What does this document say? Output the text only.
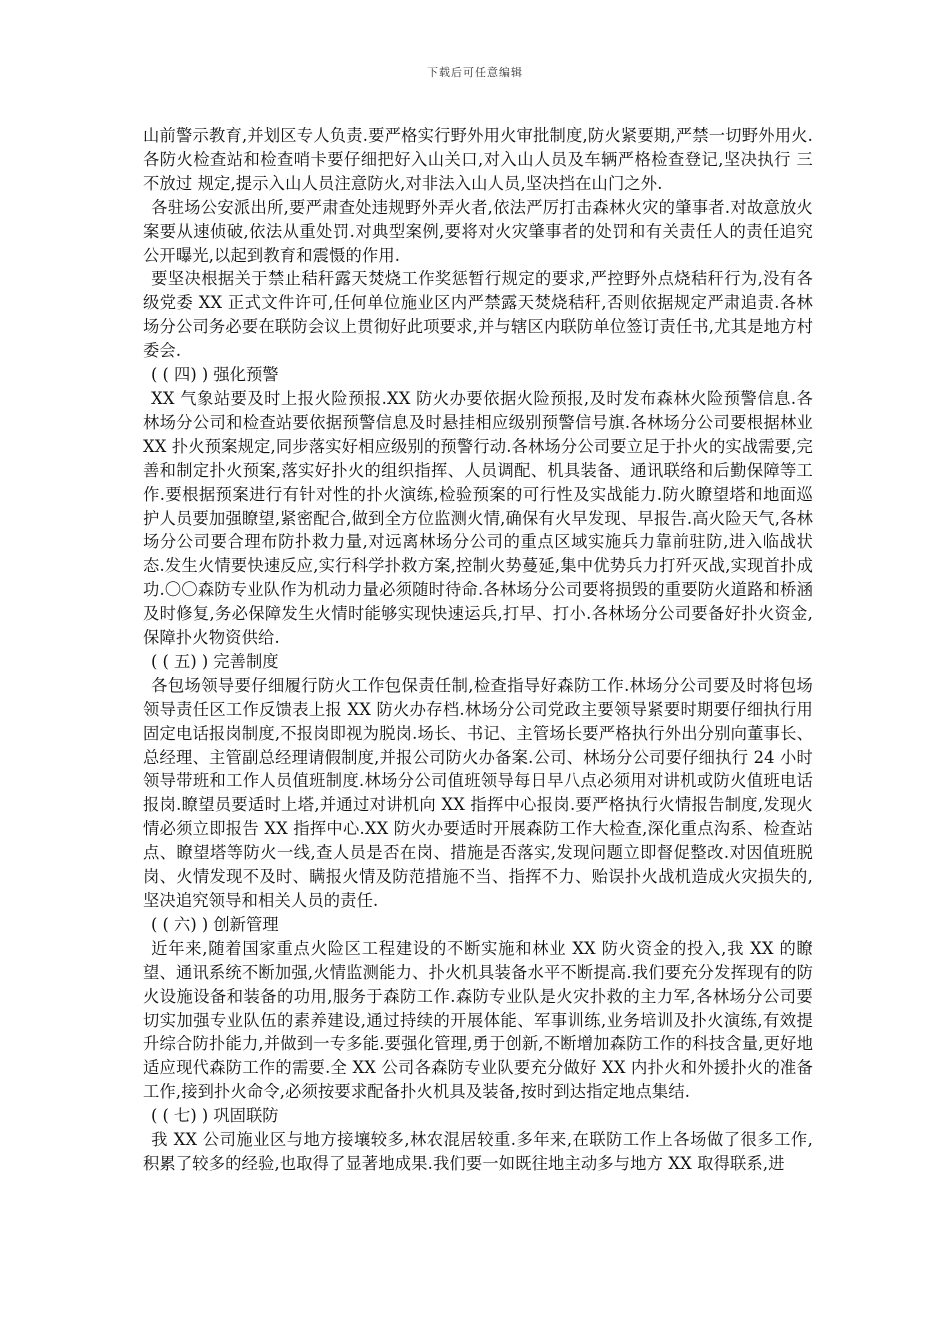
下载后可任意编辑

山前警示教育,并划区专人负责.要严格实行野外用火审批制度,防火紧要期,严禁一切野外用火.各防火检查站和检查哨卡要仔细把好入山关口,对入山人员及车辆严格检查登记,坚决执行 三不放过 规定,提示入山人员注意防火,对非法入山人员,坚决挡在山门之外.

各驻场公安派出所,要严肃查处违规野外弄火者,依法严厉打击森林火灾的肇事者.对故意放火案要从速侦破,依法从重处罚.对典型案例,要将对火灾肇事者的处罚和有关责任人的责任追究公开曝光,以起到教育和震慑的作用.

要坚决根据关于禁止秸秆露天焚烧工作奖惩暂行规定的要求,严控野外点烧秸秆行为,没有各级党委 XX 正式文件许可,任何单位施业区内严禁露天焚烧秸秆,否则依据规定严肃追责.各林场分公司务必要在联防会议上贯彻好此项要求,并与辖区内联防单位签订责任书,尤其是地方村委会.

( ( 四) ) 强化预警

XX 气象站要及时上报火险预报.XX 防火办要依据火险预报,及时发布森林火险预警信息.各林场分公司和检查站要依据预警信息及时悬挂相应级别预警信号旗.各林场分公司要根据林业 XX 扑火预案规定,同步落实好相应级别的预警行动.各林场分公司要立足于扑火的实战需要,完善和制定扑火预案,落实好扑火的组织指挥、人员调配、机具装备、通讯联络和后勤保障等工作.要根据预案进行有针对性的扑火演练,检验预案的可行性及实战能力.防火瞭望塔和地面巡护人员要加强瞭望,紧密配合,做到全方位监测火情,确保有火早发现、早报告.高火险天气,各林场分公司要合理布防扑救力量,对远离林场分公司的重点区域实施兵力靠前驻防,进入临战状态.发生火情要快速反应,实行科学扑救方案,控制火势蔓延,集中优势兵力打歼灭战,实现首扑成功.〇〇森防专业队作为机动力量必须随时待命.各林场分公司要将损毁的重要防火道路和桥涵及时修复,务必保障发生火情时能够实现快速运兵,打早、打小.各林场分公司要备好扑火资金,保障扑火物资供给.

( ( 五) ) 完善制度

各包场领导要仔细履行防火工作包保责任制,检查指导好森防工作.林场分公司要及时将包场领导责任区工作反馈表上报 XX 防火办存档.林场分公司党政主要领导紧要时期要仔细执行用固定电话报岗制度,不报岗即视为脱岗.场长、书记、主管场长要严格执行外出分别向董事长、总经理、主管副总经理请假制度,并报公司防火办备案.公司、林场分公司要仔细执行 24 小时领导带班和工作人员值班制度.林场分公司值班领导每日早八点必须用对讲机或防火值班电话报岗.瞭望员要适时上塔,并通过对讲机向 XX 指挥中心报岗.要严格执行火情报告制度,发现火情必须立即报告 XX 指挥中心.XX 防火办要适时开展森防工作大检查,深化重点沟系、检查站点、瞭望塔等防火一线,查人员是否在岗、措施是否落实,发现问题立即督促整改.对因值班脱岗、火情发现不及时、瞒报火情及防范措施不当、指挥不力、贻误扑火战机造成火灾损失的,坚决追究领导和相关人员的责任.

( ( 六) ) 创新管理

近年来,随着国家重点火险区工程建设的不断实施和林业 XX 防火资金的投入,我 XX 的瞭望、通讯系统不断加强,火情监测能力、扑火机具装备水平不断提高.我们要充分发挥现有的防火设施设备和装备的功用,服务于森防工作.森防专业队是火灾扑救的主力军,各林场分公司要切实加强专业队伍的素养建设,通过持续的开展体能、军事训练,业务培训及扑火演练,有效提升综合防扑能力,并做到一专多能.要强化管理,勇于创新,不断增加森防工作的科技含量,更好地适应现代森防工作的需要.全 XX 公司各森防专业队要充分做好 XX 内扑火和外援扑火的准备工作,接到扑火命令,必须按要求配备扑火机具及装备,按时到达指定地点集结.

( ( 七) ) 巩固联防

我 XX 公司施业区与地方接壤较多,林农混居较重.多年来,在联防工作上各场做了很多工作,积累了较多的经验,也取得了显著地成果.我们要一如既往地主动多与地方 XX 取得联系,进
